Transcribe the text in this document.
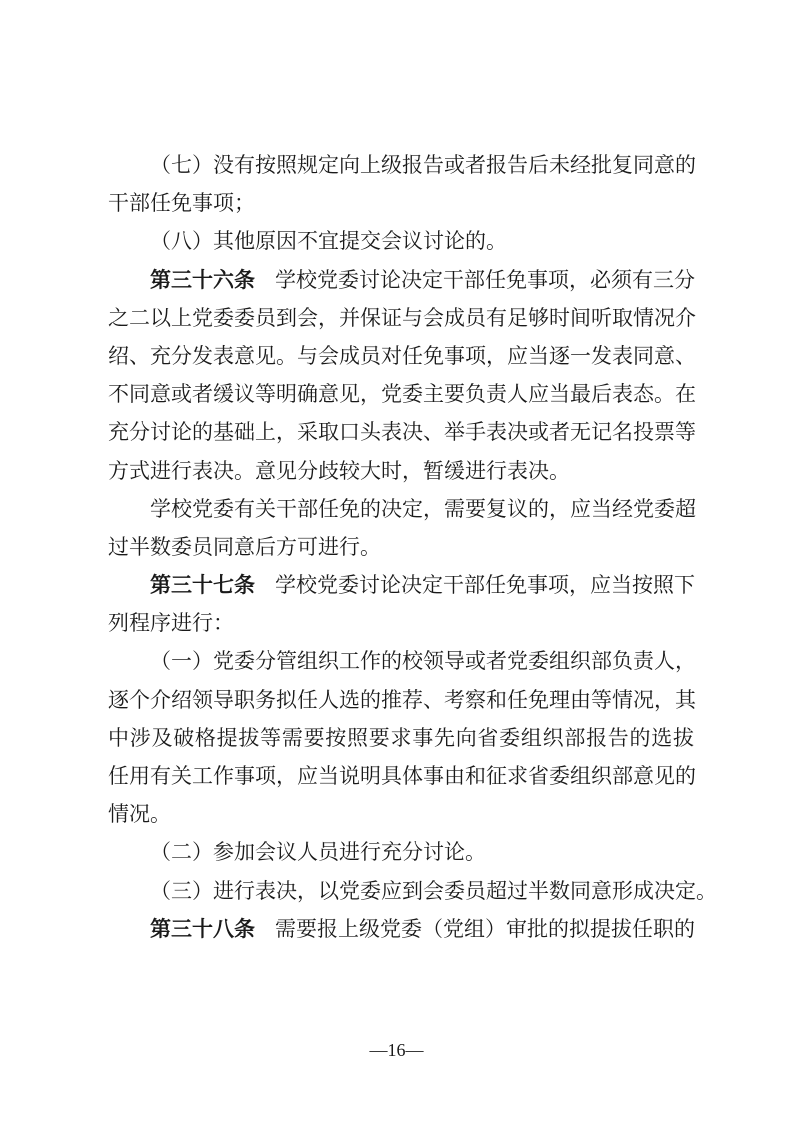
（七）没有按照规定向上级报告或者报告后未经批复同意的
干部任免事项；
（八）其他原因不宜提交会议讨论的。
第三十六条 学校党委讨论决定干部任免事项，必须有三分
之二以上党委委员到会，并保证与会成员有足够时间听取情况介
绍、充分发表意见。与会成员对任免事项，应当逐一发表同意、
不同意或者缓议等明确意见，党委主要负责人应当最后表态。在
充分讨论的基础上，采取口头表决、举手表决或者无记名投票等
方式进行表决。意见分歧较大时，暂缓进行表决。
学校党委有关干部任免的决定，需要复议的，应当经党委超
过半数委员同意后方可进行。
第三十七条 学校党委讨论决定干部任免事项，应当按照下
列程序进行：
（一）党委分管组织工作的校领导或者党委组织部负责人，
逐个介绍领导职务拟任人选的推荐、考察和任免理由等情况，其
中涉及破格提拔等需要按照要求事先向省委组织部报告的选拔
任用有关工作事项，应当说明具体事由和征求省委组织部意见的
情况。
（二）参加会议人员进行充分讨论。
（三）进行表决，以党委应到会委员超过半数同意形成决定。
第三十八条 需要报上级党委（党组）审批的拟提拔任职的
—16—
